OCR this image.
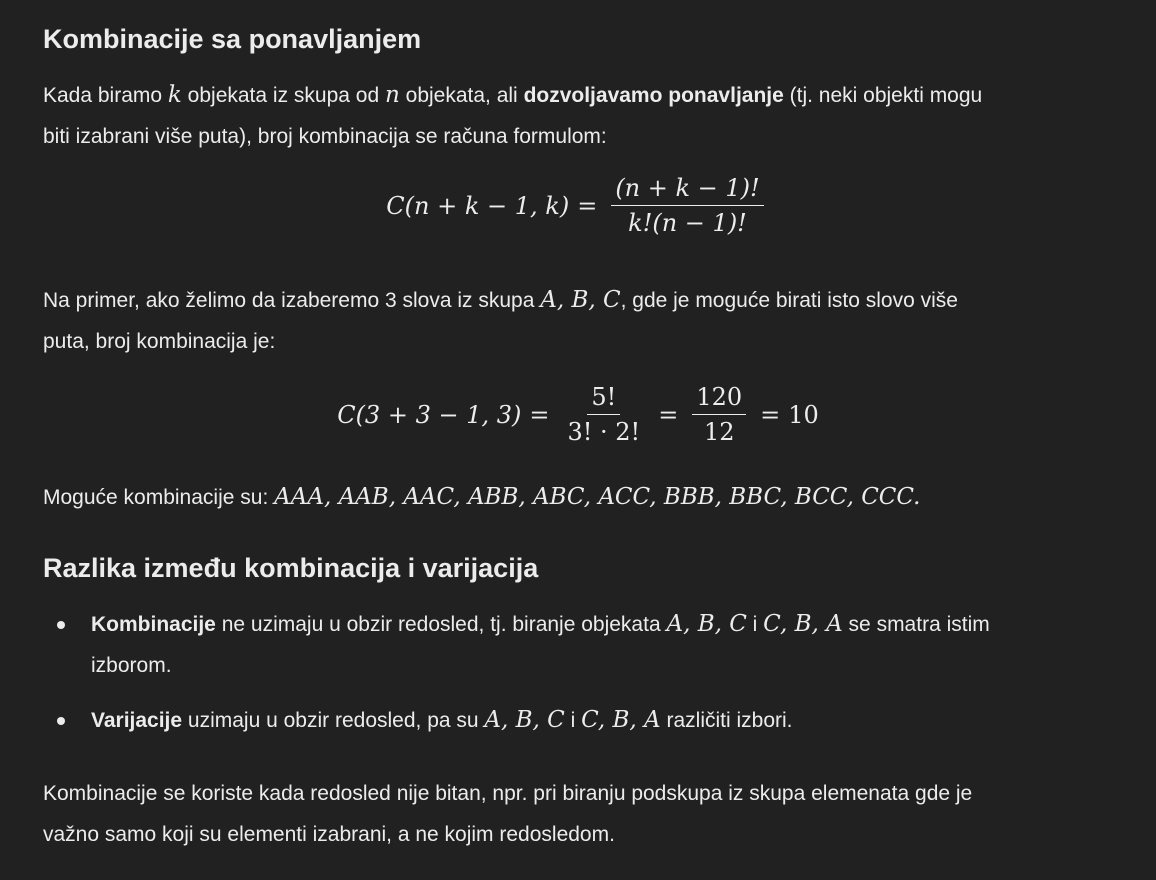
Kombinacije sa ponavljanjem

Kada biramo k objekata iz skupa od n objekata, ali dozvoljavamo ponavljanje (tj. neki objekti mogu

biti izabrani više puta), broj kombinacija se računa formulom:

C(n + k − 1, $k) = \frac{(n + k - 1)!}{k!(n - 1)!}$

Na primer, ako želimo da izaberemo 3 slova iz skupa A, B, C, gde je moguće birati isto slovo više

puta, broj kombinacija je:

C(3 + 3 − 1, $3) = \frac{5!}{3! \cdot 2!} = \frac{120}{12} = 10$

Moguće kombinacije su: AAA, AAB, AAC, ABB, ABC, ACC, BBB, BBC, BCC, CCC.

Razlika između kombinacija i varijacija
Kombinacije ne uzimaju u obzir redosled, tj. biranje objekata A, B, C i C, B, A se smatra istim
izborom.
Varijacije uzimaju u obzir redosled, pa su A, B, C i C, B, A različiti izbori.

Kombinacije se koriste kada redosled nije bitan, npr. pri biranju podskupa iz skupa elemenata gde je

važno samo koji su elementi izabrani, a ne kojim redosledom.
